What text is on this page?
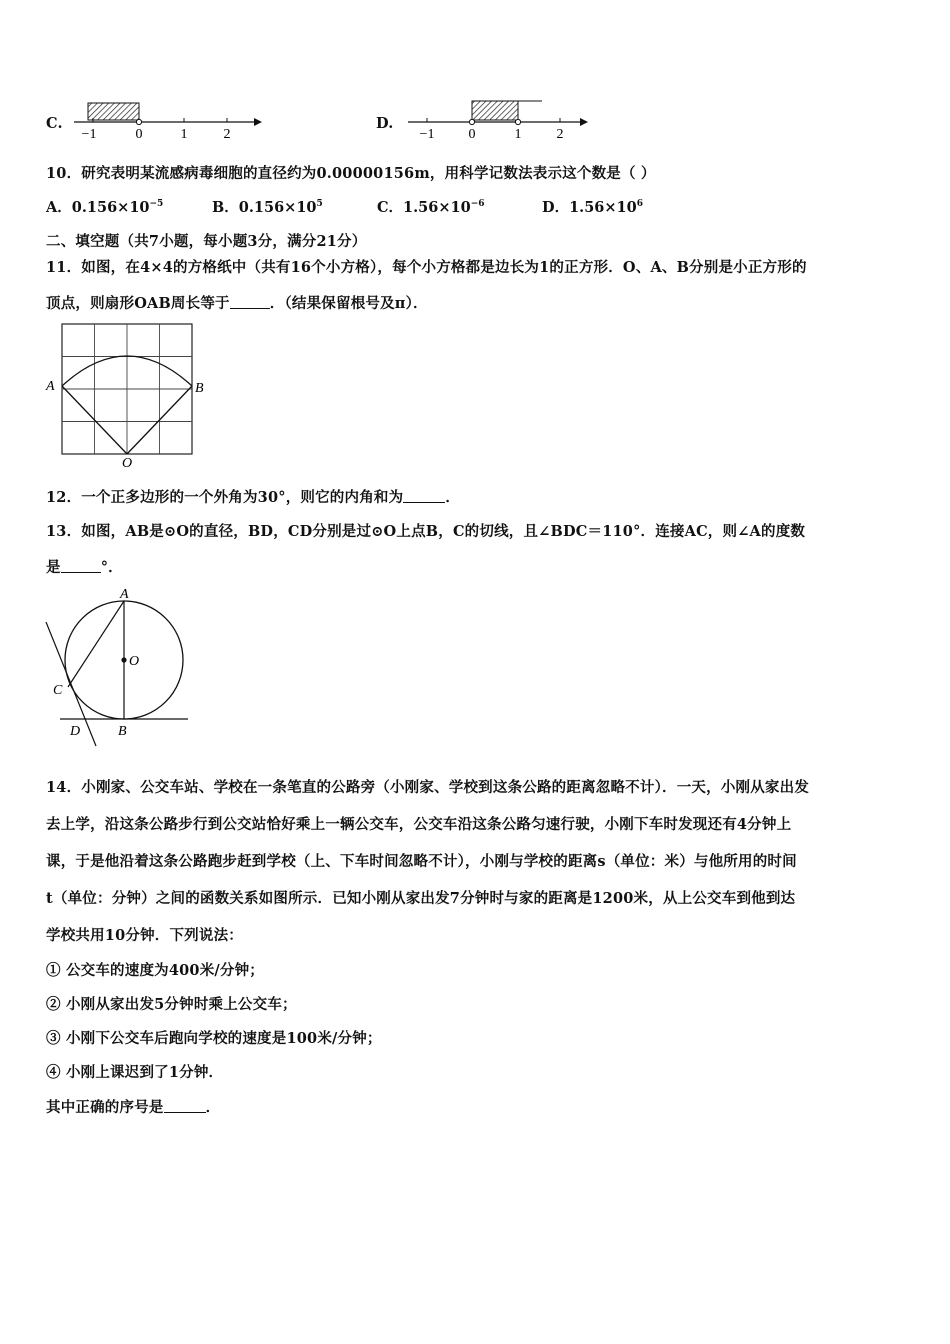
C.
−1	0	1	2
D.
−1 0	1	2
10．研究表明某流感病毒细胞的直径约为0.00000156m，用科学记数法表示这个数是（ ）
A．$0.156\times 10^{-5}$	B．$0.156\times 10^5$	C．$1.56\times 10^{-6}$	D．$1.56\times 10^6$
二、填空题（共7小题，每小题3分，满分21分）
11．如图，在4×4的方格纸中（共有16个小方格），每个小方格都是边长为1的正方形．O、A、B分别是小正方形的
顶点，则扇形OAB周长等于	．（结果保留根号及π）．
A	B
O
12．一个正多边形的一个外角为30°，则它的内角和为	．
13．如图，AB是⊙O的直径，BD，CD分别是过⊙O上点B，C的切线，且∠BDC＝110°．连接AC，则∠A的度数
是	°．
A
O
C
D	B
14．小刚家、公交车站、学校在一条笔直的公路旁（小刚家、学校到这条公路的距离忽略不计）．一天，小刚从家出发
去上学，沿这条公路步行到公交站恰好乘上一辆公交车，公交车沿这条公路匀速行驶，小刚下车时发现还有4分钟上
课，于是他沿着这条公路跑步赶到学校（上、下车时间忽略不计），小刚与学校的距离s（单位：米）与他所用的时间
t（单位：分钟）之间的函数关系如图所示．已知小刚从家出发7分钟时与家的距离是1200米，从上公交车到他到达
学校共用10分钟．下列说法：
① 公交车的速度为400米/分钟；
② 小刚从家出发5分钟时乘上公交车；
③ 小刚下公交车后跑向学校的速度是100米/分钟；
④ 小刚上课迟到了1分钟．
其中正确的序号是	．
